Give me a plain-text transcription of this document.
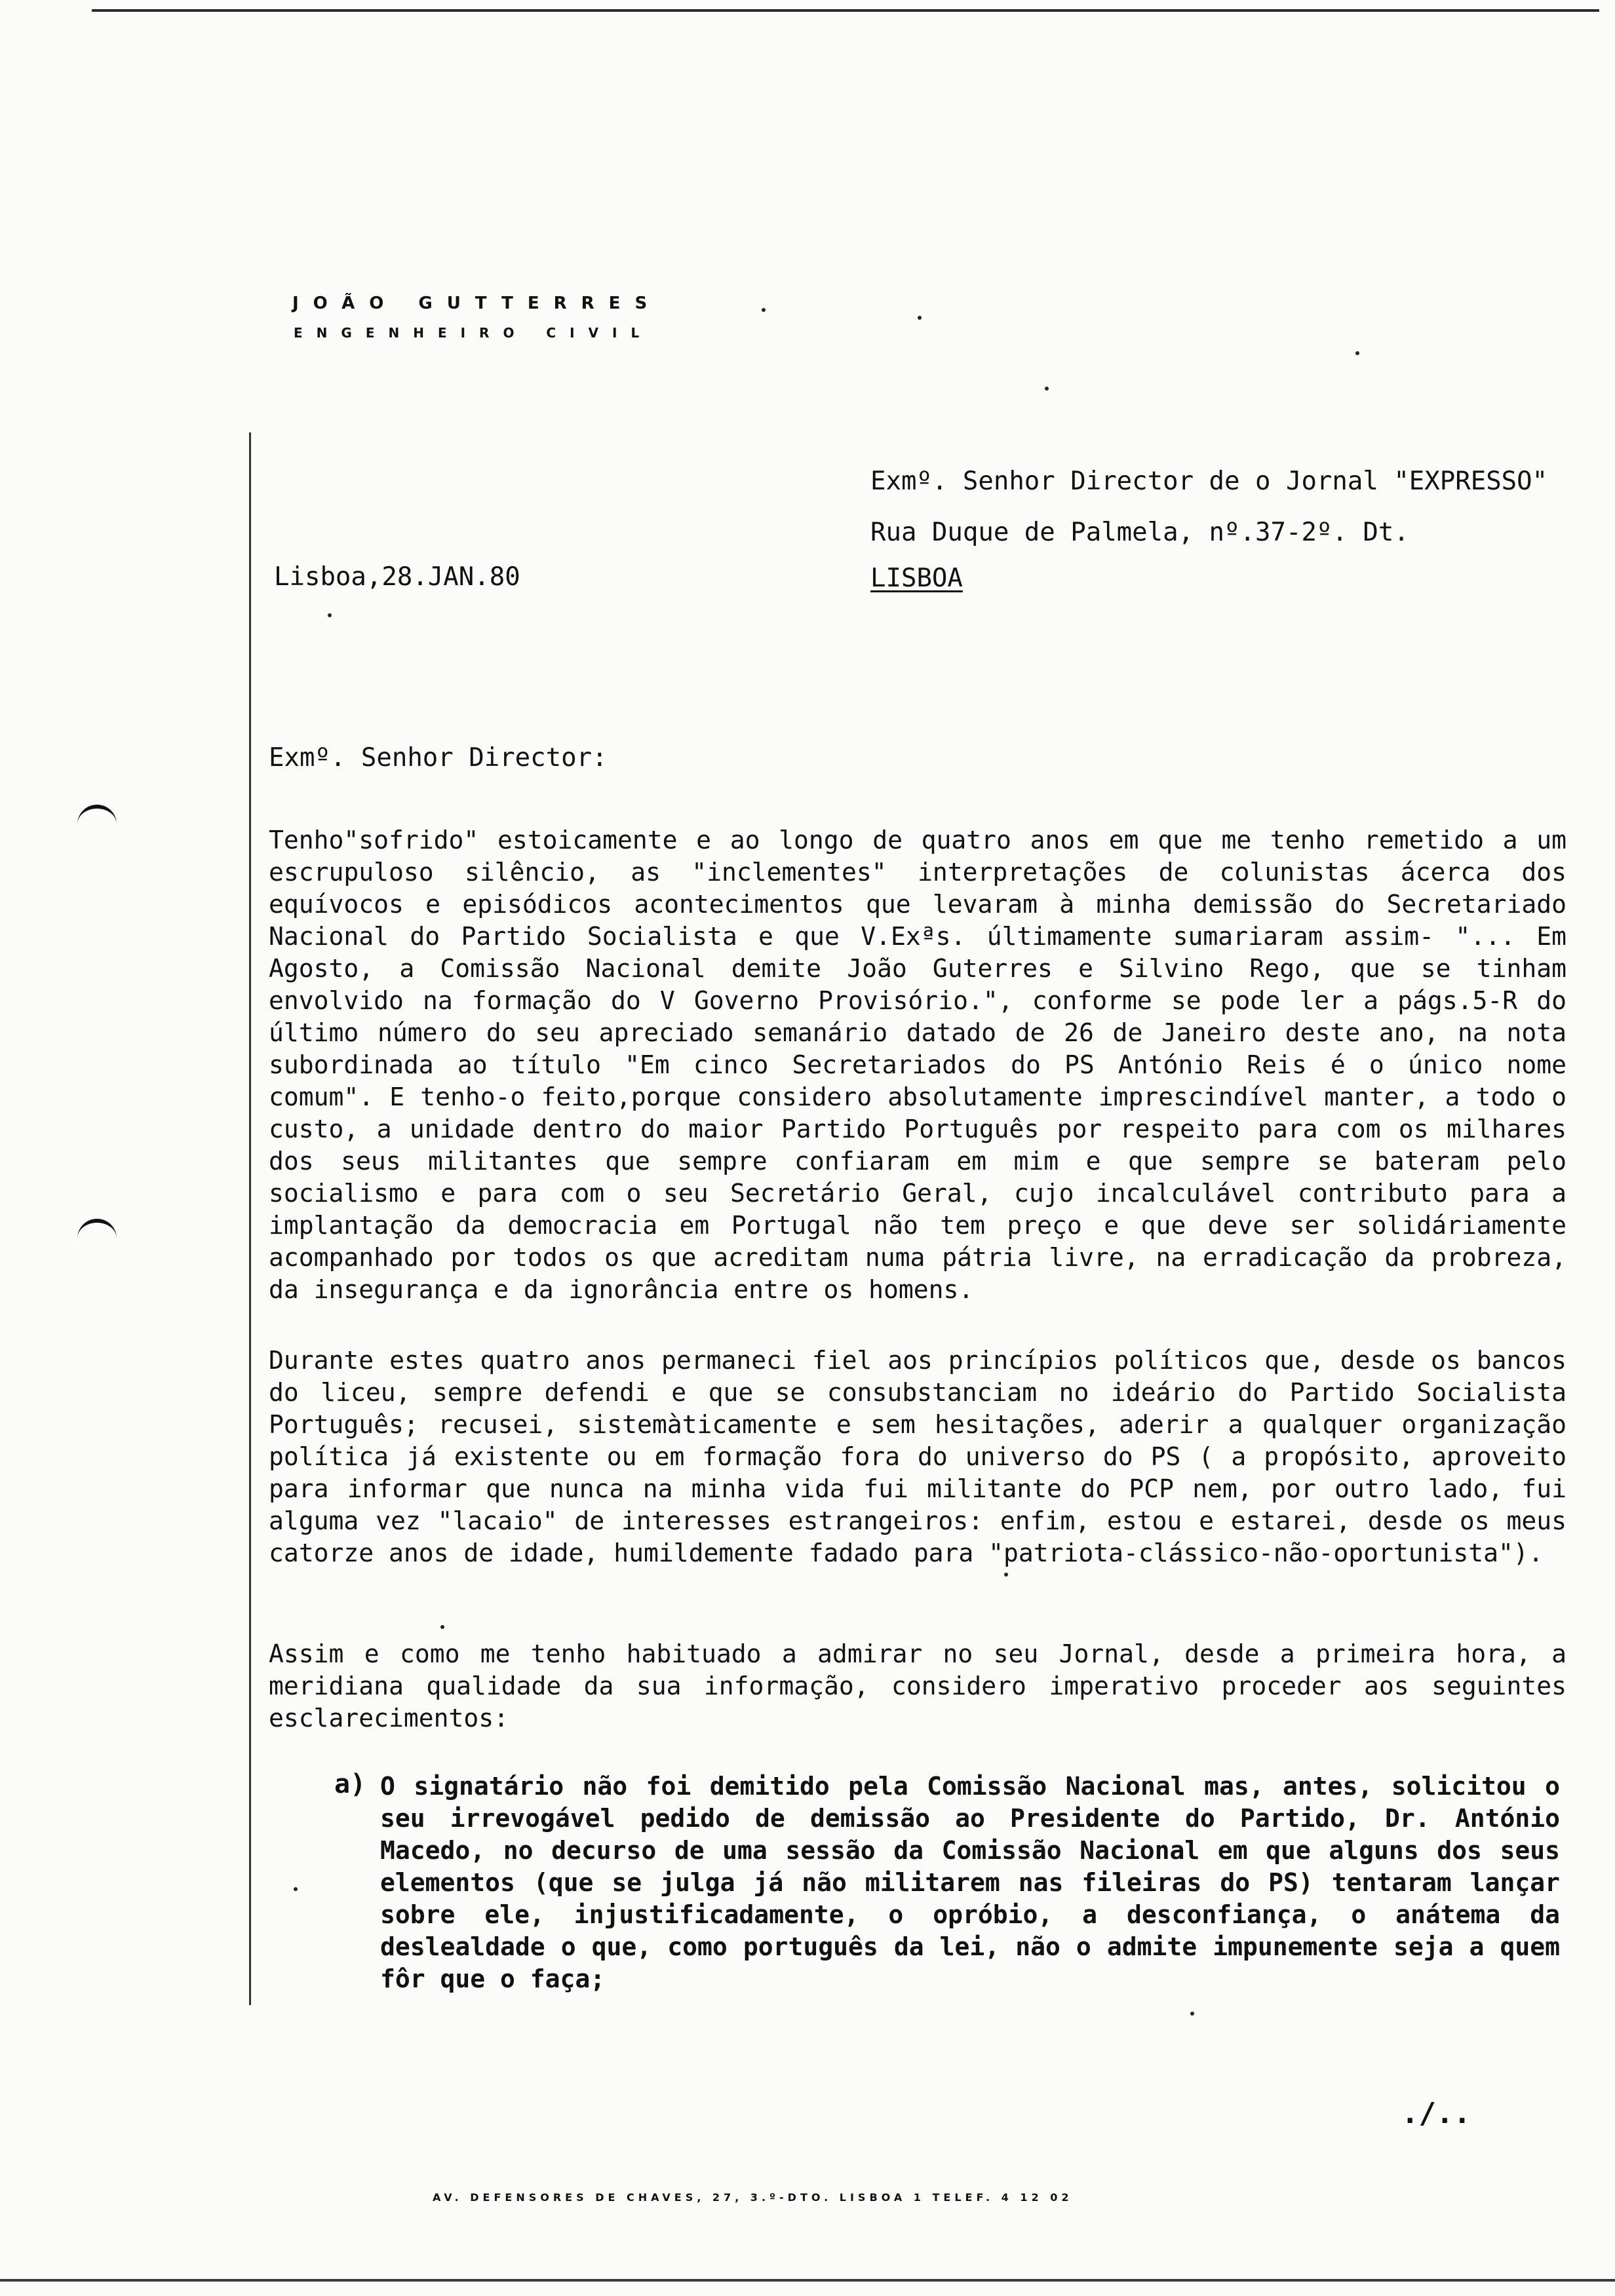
JOÃO GUTTERRES
ENGENHEIRO CIVIL
Exmº. Senhor Director de o Jornal "EXPRESSO"
Rua Duque de Palmela, nº.37-2º. Dt.
LISBOA
Lisboa,28.JAN.80
Exmº. Senhor Director:
Tenho"sofrido" estoicamente e ao longo de quatro anos em que me tenho remetido a um escrupuloso silêncio, as "inclementes" interpretações de colunistas ácerca dos equívocos e episódicos acontecimentos que levaram à minha demissão do Secretariado Nacional do Partido Socialista e que V.Exªs. últimamente sumariaram assim- "... Em Agosto, a Comissão Nacional demite João Guterres e Silvino Rego, que se tinham envolvido na formação do V Governo Provisório.", conforme se pode ler a págs.5-R do último número do seu apreciado semanário datado de 26 de Janeiro deste ano, na nota subordinada ao título "Em cinco Secretariados do PS António Reis é o único nome comum". E tenho-o feito,porque considero absolutamente imprescindível manter, a todo o custo, a unidade dentro do maior Partido Português por respeito para com os milhares dos seus militantes que sempre confiaram em mim e que sempre se bateram pelo socialismo e para com o seu Secretário Geral, cujo incalculável contributo para a implantação da democracia em Portugal não tem preço e que deve ser solidáriamente acompanhado por todos os que acreditam numa pátria livre, na erradicação da probreza, da insegurança e da ignorância entre os homens.
Durante estes quatro anos permaneci fiel aos princípios políticos que, desde os bancos do liceu, sempre defendi e que se consubstanciam no ideário do Partido Socialista Português; recusei, sistemàticamente e sem hesitações, aderir a qualquer organização política já existente ou em formação fora do universo do PS ( a propósito, aproveito para informar que nunca na minha vida fui militante do PCP nem, por outro lado, fui alguma vez "lacaio" de interesses estrangeiros: enfim, estou e estarei, desde os meus catorze anos de idade, humildemente fadado para "patriota-clássico-não-oportunista").
Assim e como me tenho habituado a admirar no seu Jornal, desde a primeira hora, a meridiana qualidade da sua informação, considero imperativo proceder aos seguintes esclarecimentos:
a) O signatário não foi demitido pela Comissão Nacional mas, antes, solicitou o seu irrevogável pedido de demissão ao Presidente do Partido, Dr. António Macedo, no decurso de uma sessão da Comissão Nacional em que alguns dos seus elementos (que se julga já não militarem nas fileiras do PS) tentaram lançar sobre ele, injustificadamente, o opróbio, a desconfiança, o anátema da deslealdade o que, como português da lei, não o admite impunemente seja a quem fôr que o faça;
./..
AV. DEFENSORES DE CHAVES, 27, 3.º-DTO. LISBOA 1 TELEF. 4 12 02
